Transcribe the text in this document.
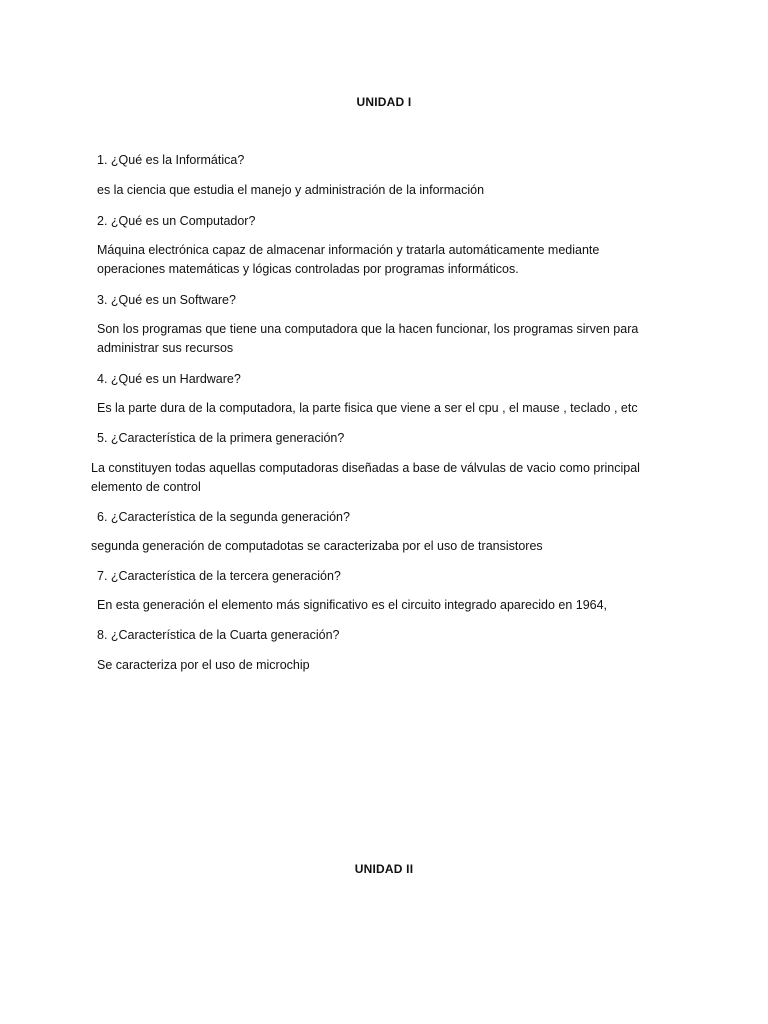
UNIDAD I
1. ¿Qué es la Informática?
es la ciencia que estudia el manejo y administración de la información
2. ¿Qué es un Computador?
Máquina electrónica capaz de almacenar información y tratarla automáticamente mediante operaciones matemáticas y lógicas controladas por programas informáticos.
3. ¿Qué es un Software?
Son los programas que tiene una computadora que la hacen funcionar, los programas sirven para administrar sus recursos
4. ¿Qué es un Hardware?
Es la parte dura de la computadora, la parte fisica que viene a ser el cpu , el mause , teclado , etc
5. ¿Característica de la primera generación?
La constituyen todas aquellas computadoras diseñadas a base de válvulas de vacio como principal elemento de control
6. ¿Característica de la segunda generación?
segunda generación de computadotas se caracterizaba por el uso de transistores
7. ¿Característica de la tercera generación?
En esta generación el elemento más significativo es el circuito integrado aparecido en 1964,
8. ¿Característica de la Cuarta generación?
Se caracteriza por el uso de microchip
UNIDAD II
